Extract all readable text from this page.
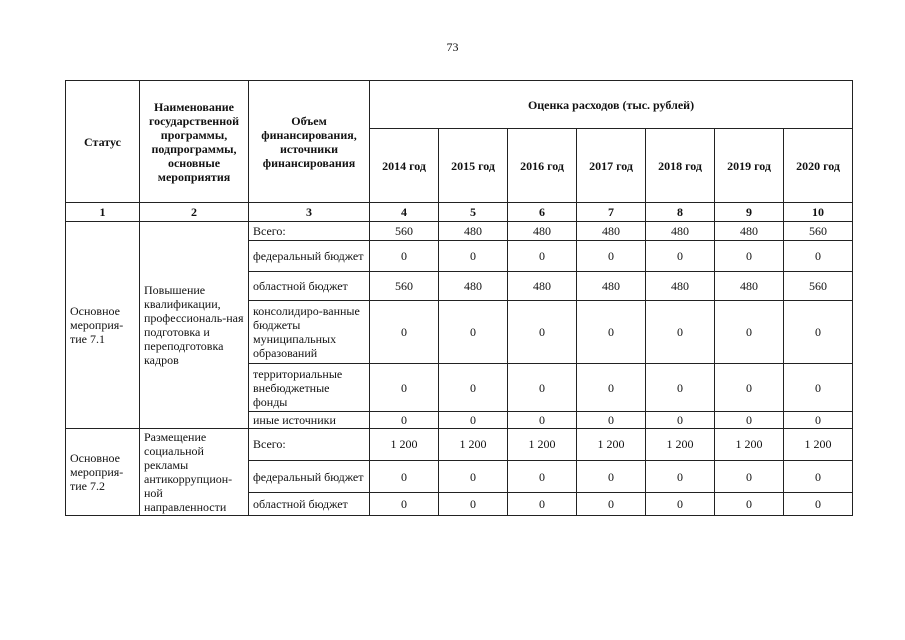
73
Статус	Наименование государственной программы, подпрограммы, основные мероприятия	Объем финансирования, источники финансирования	Оценка расходов (тыс. рублей)						
			2014 год	2015 год	2016 год	2017 год	2018 год	2019 год	2020 год
1	2	3	4	5	6	7	8	9	10
Основное мероприя-тие 7.1	Повышение квалификации, профессиональ-ная подготовка и переподготовка кадров	Всего:	560	480	480	480	480	480	560
		федеральный бюджет	0	0	0	0	0	0	0
		областной бюджет	560	480	480	480	480	480	560
		консолидиро-ванные бюджеты муниципальных образований	0	0	0	0	0	0	0
		территориальные внебюджетные фонды	0	0	0	0	0	0	0
		иные источники	0	0	0	0	0	0	0
Основное мероприя-тие 7.2	Размещение социальной рекламы антикоррупцион-ной направленности	Всего:	1 200	1 200	1 200	1 200	1 200	1 200	1 200
		федеральный бюджет	0	0	0	0	0	0	0
		областной бюджет	0	0	0	0	0	0	0
